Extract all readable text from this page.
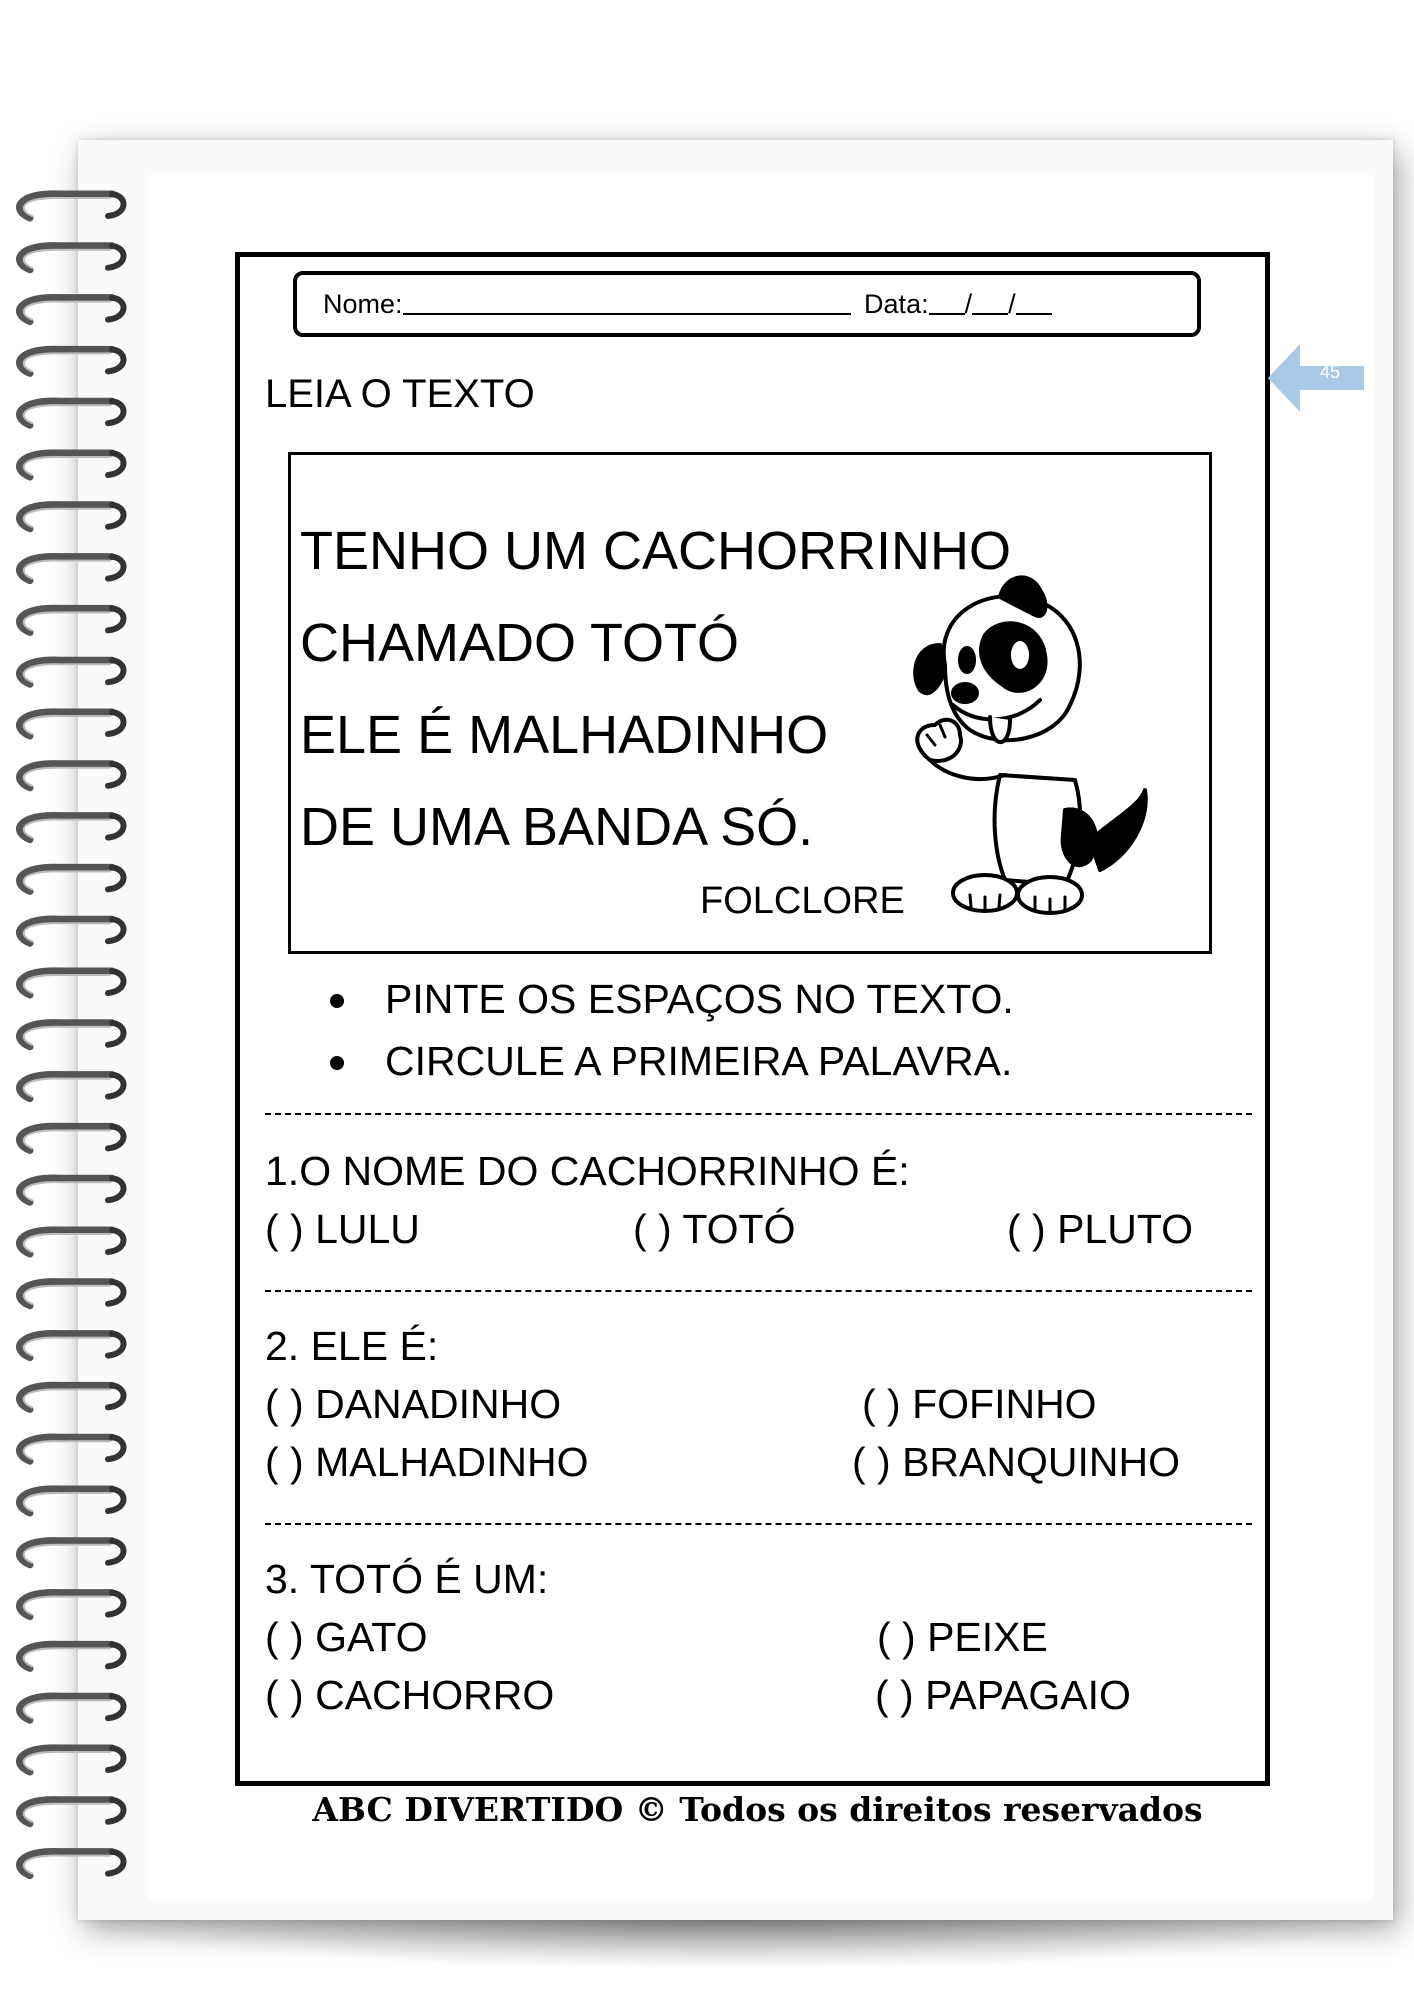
Nome:	Data: / /
45
LEIA O TEXTO
TENHO UM CACHORRINHO
CHAMADO TOTÓ
ELE É MALHADINHO
DE UMA BANDA SÓ.
FOLCLORE
PINTE OS ESPAÇOS NO TEXTO.
CIRCULE A PRIMEIRA PALAVRA.
1.O NOME DO CACHORRINHO É:
( ) LULU	( ) TOTÓ	( ) PLUTO
2. ELE É:
( ) DANADINHO	( ) FOFINHO
( ) MALHADINHO	( ) BRANQUINHO
3. TOTÓ É UM:
( ) GATO	( ) PEIXE
( ) CACHORRO	( ) PAPAGAIO
ABC DIVERTIDO © Todos os direitos reservados
